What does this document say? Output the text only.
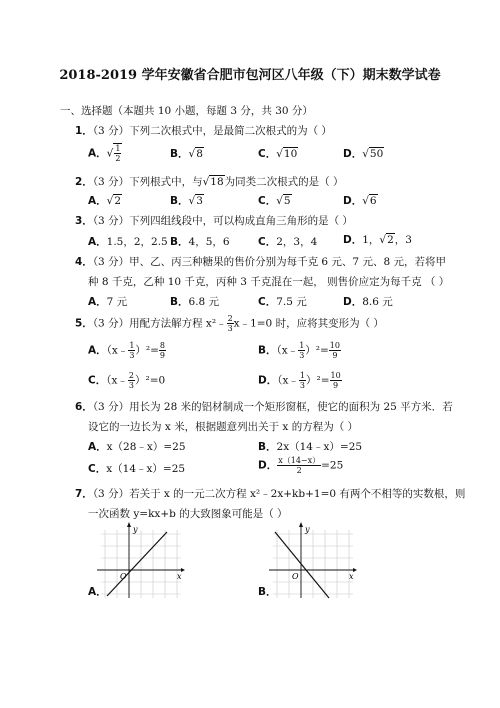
2018-2019 学年安徽省合肥市包河区八年级（下）期末数学试卷
一、选择题（本题共 10 小题，每题 3 分，共 30 分）
1．（3 分）下列二次根式中，是最简二次根式的为（ ）
A．√ $\frac{1}{2}$	B．√8	C．√10	D．√50
2．（3 分）下列根式中，与√18为同类二次根式的是（ ）
A．√2	B．√3	C．√5	D．√6
3．（3 分）下列四组线段中，可以构成直角三角形的是（ ）
A．1.5，2，2.5 B．4，5，6	C．2，3，4 D．1，√2，3
4．（3 分）甲、乙、丙三种糖果的售价分别为每千克 6 元、7 元、8 元，若将甲
种 8 千克，乙种 10 千克，丙种 3 千克混在一起， 则售价应定为每千克 （ ）
A．7 元	B．6.8 元	C．7.5 元	D．8.6 元
5．（3 分）用配方法解方程 x²﹣ $\frac{2}{3}$ x﹣1=0 时，应将其变形为（ ）
A．（x﹣ $\frac{1}{3} )^2= \frac{8}{9}$	B．（x﹣ $\frac{1}{3} )^2= \frac{10}{9}$
C．（x﹣ $\frac{2}{3} )^2=0$	D．（x﹣ $\frac{1}{3} )^2= \frac{10}{9}$
6．（3 分）用长为 28 米的铝材制成一个矩形窗框，使它的面积为 25 平方米．若
设它的一边长为 x 米，根据题意列出关于 x 的方程为（ ）
A．x（28﹣x）=25	B．2x（14﹣x）=25
C．x（14﹣x）=25	D． $\frac{x(14-x)}{2} =25$
7．（3 分）若关于 x 的一元二次方程 x²﹣2x+kb+1=0 有两个不相等的实数根，则
一次函数 y=kx+b 的大致图象可能是（ ）
y
x
O
A．
y
x
O
B．
